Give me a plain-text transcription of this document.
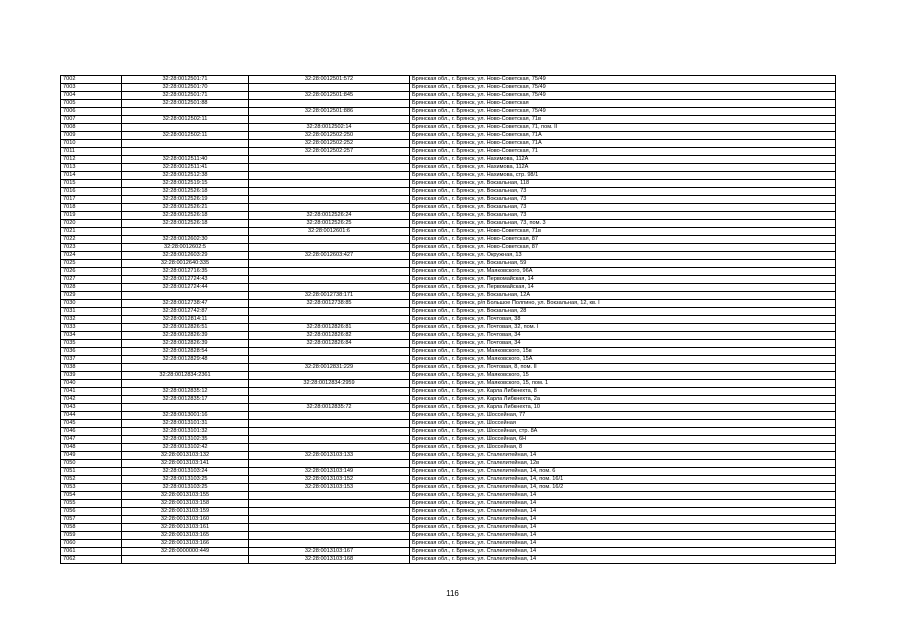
7002	32:28:0012501:71	32:28:0012501:572	Брянская обл., г. Брянск, ул. Ново-Советская, 75/49
7003	32:28:0012501:70		Брянская обл., г. Брянск, ул. Ново-Советская, 75/49
7004	32:28:0012501:71	32:28:0012501:845	Брянская обл., г. Брянск, ул. Ново-Советская, 75/49
7005	32:28:0012501:88		Брянская обл., г. Брянск, ул. Ново-Советская
7006		32:28:0012501:886	Брянская обл., г. Брянск, ул. Ново-Советская, 75/49
7007	32:28:0012502:11		Брянская обл., г. Брянск, ул. Ново-Советская, 71в
7008		32:28:0012502:14	Брянская обл., г. Брянск, ул. Ново-Советская, 71, пом. II
7009	32:28:0012502:11	32:28:0012502:250	Брянская обл., г. Брянск, ул. Ново-Советская, 71А
7010		32:28:0012502:252	Брянская обл., г. Брянск, ул. Ново-Советская, 71А
7011		32:28:0012502:257	Брянская обл., г. Брянск, ул. Ново-Советская, 71
7012	32:28:0012511:40		Брянская обл., г. Брянск, ул. Нахимова, 112А
7013	32:28:0012511:41		Брянская обл., г. Брянск, ул. Нахимова, 112А
7014	32:28:0012512:38		Брянская обл., г. Брянск, ул. Нахимова, стр. 98/1
7015	32:28:0012519:15		Брянская обл., г. Брянск, ул. Вокзальная, 118
7016	32:28:0012526:18		Брянская обл., г. Брянск, ул. Вокзальная, 73
7017	32:28:0012526:19		Брянская обл., г. Брянск, ул. Вокзальная, 73
7018	32:28:0012526:21		Брянская обл., г. Брянск, ул. Вокзальная, 73
7019	32:28:0012526:18	32:28:0012526:24	Брянская обл., г. Брянск, ул. Вокзальная, 73
7020	32:28:0012526:18	32:28:0012526:25	Брянская обл., г. Брянск, ул. Вокзальная, 73, пом. 3
7021		32:28:0012601:6	Брянская обл., г. Брянск, ул. Ново-Советская, 71в
7022	32:28:0012602:30		Брянская обл., г. Брянск, ул. Ново-Советская, 87
7023	32:28:0012602:5		Брянская обл., г. Брянск, ул. Ново-Советская, 87
7024	32:28:0012603:29	32:28:0012603:427	Брянская обл., г. Брянск, ул. Окружная, 13
7025	32:28:0012640:335		Брянская обл., г. Брянск, ул. Вокзальная, 59
7026	32:28:0012716:35		Брянская обл., г. Брянск, ул. Маяковского, 96А
7027	32:28:0012724:43		Брянская обл., г. Брянск, ул. Первомайская, 14
7028	32:28:0012724:44		Брянская обл., г. Брянск, ул. Первомайская, 14
7029		32:28:0012738:171	Брянская обл., г. Брянск, ул. Вокзальная, 12А
7030	32:28:0012738:47	32:28:0012738:85	Брянская обл., г. Брянск, р/п Большое Полпино, ул. Вокзальная, 12, кв. I
7031	32:28:0012742:87		Брянская обл., г. Брянск, ул. Вокзальная, 28
7032	32:28:0012814:11		Брянская обл., г. Брянск, ул. Почтовая, 38
7033	32:28:0012826:51	32:28:0012826:81	Брянская обл., г. Брянск, ул. Почтовая, 32, пом. I
7034	32:28:0012826:39	32:28:0012826:82	Брянская обл., г. Брянск, ул. Почтовая, 34
7035	32:28:0012826:39	32:28:0012826:84	Брянская обл., г. Брянск, ул. Почтовая, 34
7036	32:28:0012828:54		Брянская обл., г. Брянск, ул. Маяковского, 15в
7037	32:28:0012829:48		Брянская обл., г. Брянск, ул. Маяковского, 15А
7038		32:28:0012831:229	Брянская обл., г. Брянск, ул. Почтовая, 8, пом. II
7039	32:28:0012834:2361		Брянская обл., г. Брянск, ул. Маяковского, 15
7040		32:28:0012834:2959	Брянская обл., г. Брянск, ул. Маяковского, 15, пом. 1
7041	32:28:0012835:12		Брянская обл., г. Брянск, ул. Карла Либкнехта, 8
7042	32:28:0012835:17		Брянская обл., г. Брянск, ул. Карла Либкнехта, 2а
7043		32:28:0012835:72	Брянская обл., г. Брянск, ул. Карла Либкнехта, 10
7044	32:28:0013001:16		Брянская обл., г. Брянск, ул. Шоссейная, 77
7045	32:28:0013101:31		Брянская обл., г. Брянск, ул. Шоссейная
7046	32:28:0013101:32		Брянская обл., г. Брянск, ул. Шоссейная, стр. 8А
7047	32:28:0013102:35		Брянская обл., г. Брянск, ул. Шоссейная, 6Н
7048	32:28:0013102:42		Брянская обл., г. Брянск, ул. Шоссейная, 8
7049	32:28:0013103:132	32:28:0013103:133	Брянская обл., г. Брянск, ул. Сталелитейная, 14
7050	32:28:0013103:141		Брянская обл., г. Брянск, ул. Сталелитейная, 12в
7051	32:28:0013103:24	32:28:0013103:149	Брянская обл., г. Брянск, ул. Сталелитейная, 14, пом. 6
7052	32:28:0013103:25	32:28:0013103:152	Брянская обл., г. Брянск, ул. Сталелитейная, 14, пом. 16/1
7053	32:28:0013103:25	32:28:0013103:153	Брянская обл., г. Брянск, ул. Сталелитейная, 14, пом. 16/2
7054	32:28:0013103:155		Брянская обл., г. Брянск, ул. Сталелитейная, 14
7055	32:28:0013103:158		Брянская обл., г. Брянск, ул. Сталелитейная, 14
7056	32:28:0013103:159		Брянская обл., г. Брянск, ул. Сталелитейная, 14
7057	32:28:0013103:160		Брянская обл., г. Брянск, ул. Сталелитейная, 14
7058	32:28:0013103:161		Брянская обл., г. Брянск, ул. Сталелитейная, 14
7059	32:28:0013103:165		Брянская обл., г. Брянск, ул. Сталелитейная, 14
7060	32:28:0013103:166		Брянская обл., г. Брянск, ул. Сталелитейная, 14
7061	32:28:0000000:449	32:28:0013103:167	Брянская обл., г. Брянск, ул. Сталелитейная, 14
7062		32:28:0013103:168	Брянская обл., г. Брянск, ул. Сталелитейная, 14
116
